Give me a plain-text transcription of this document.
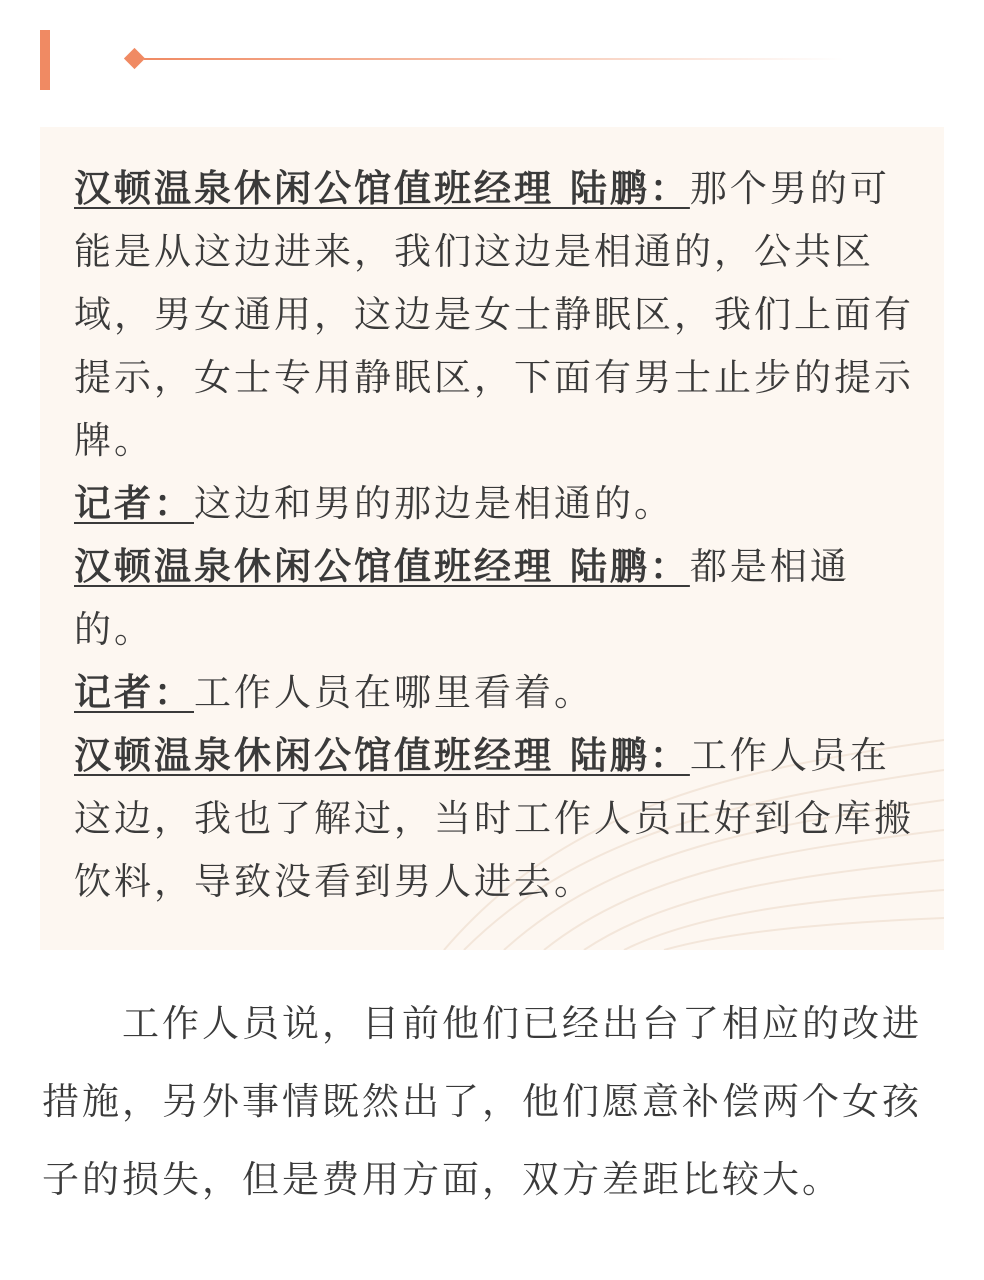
汉顿温泉休闲公馆值班经理 陆鹏：那个男的可能是从这边进来，我们这边是相通的，公共区域，男女通用，这边是女士静眠区，我们上面有提示，女士专用静眠区，下面有男士止步的提示牌。

记者：这边和男的那边是相通的。

汉顿温泉休闲公馆值班经理 陆鹏：都是相通的。

记者：工作人员在哪里看着。

汉顿温泉休闲公馆值班经理 陆鹏：工作人员在这边，我也了解过，当时工作人员正好到仓库搬饮料，导致没看到男人进去。

工作人员说，目前他们已经出台了相应的改进措施，另外事情既然出了，他们愿意补偿两个女孩子的损失，但是费用方面，双方差距比较大。
